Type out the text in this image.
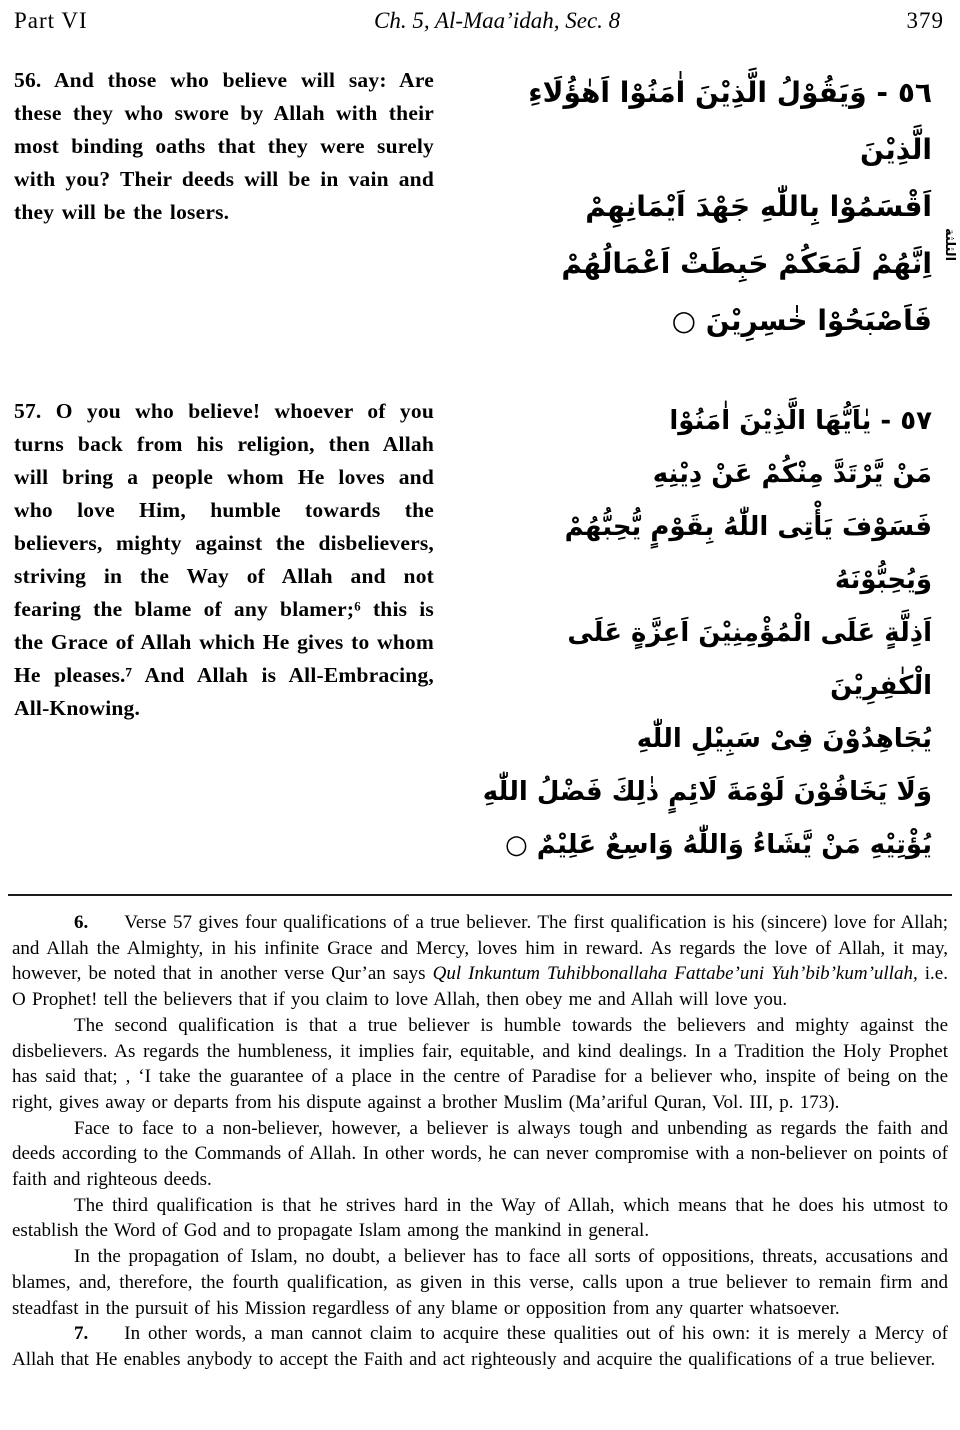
Part VI	Ch. 5, Al-Maa’idah, Sec. 8	379
56. And those who believe will say: Are these they who swore by Allah with their most binding oaths that they were surely with you? Their deeds will be in vain and they will be the losers.
٥٦ - وَيَقُوْلُ الَّذِيْنَ اٰمَنُوْا اَهٰؤُلَاءِ الَّذِيْنَ
اَقْسَمُوْا بِاللّٰهِ جَهْدَ اَيْمَانِهِمْ
اِنَّهُمْ لَمَعَكُمْ حَبِطَتْ اَعْمَالُهُمْ
فَاَصْبَحُوْا خٰسِرِيْنَ ○
57. O you who believe! whoever of you turns back from his religion, then Allah will bring a people whom He loves and who love Him, humble towards the believers, mighty against the disbelievers, striving in the Way of Allah and not fearing the blame of any blamer;⁶ this is the Grace of Allah which He gives to whom He pleases.⁷ And Allah is All-Embracing, All-Knowing.
٥٧ - يٰاَيُّهَا الَّذِيْنَ اٰمَنُوْا
مَنْ يَّرْتَدَّ مِنْكُمْ عَنْ دِيْنِهِ
فَسَوْفَ يَأْتِى اللّٰهُ بِقَوْمٍ يُّحِبُّهُمْ وَيُحِبُّوْنَهُ
اَذِلَّةٍ عَلَى الْمُؤْمِنِيْنَ اَعِزَّةٍ عَلَى الْكٰفِرِيْنَ
يُجَاهِدُوْنَ فِىْ سَبِيْلِ اللّٰهِ
وَلَا يَخَافُوْنَ لَوْمَةَ لَائِمٍ ذٰلِكَ فَضْلُ اللّٰهِ
يُؤْتِيْهِ مَنْ يَّشَاءُ وَاللّٰهُ وَاسِعٌ عَلِيْمٌ ○
الثلثة

6. Verse 57 gives four qualifications of a true believer. The first qualification is his (sincere) love for Allah; and Allah the Almighty, in his infinite Grace and Mercy, loves him in reward. As regards the love of Allah, it may, however, be noted that in another verse Qur’an says Qul Inkuntum Tuhibbonallaha Fattabe’uni Yuh’bib’kum’ullah, i.e. O Prophet! tell the believers that if you claim to love Allah, then obey me and Allah will love you.

The second qualification is that a true believer is humble towards the believers and mighty against the disbelievers. As regards the humbleness, it implies fair, equitable, and kind dealings. In a Tradition the Holy Prophet has said that; , ‘I take the guarantee of a place in the centre of Paradise for a believer who, inspite of being on the right, gives away or departs from his dispute against a brother Muslim (Ma’ariful Quran, Vol. III, p. 173).

Face to face to a non-believer, however, a believer is always tough and unbending as regards the faith and deeds according to the Commands of Allah. In other words, he can never compromise with a non-believer on points of faith and righteous deeds.

The third qualification is that he strives hard in the Way of Allah, which means that he does his utmost to establish the Word of God and to propagate Islam among the mankind in general.

In the propagation of Islam, no doubt, a believer has to face all sorts of oppositions, threats, accusations and blames, and, therefore, the fourth qualification, as given in this verse, calls upon a true believer to remain firm and steadfast in the pursuit of his Mission regardless of any blame or opposition from any quarter whatsoever.

7. In other words, a man cannot claim to acquire these qualities out of his own: it is merely a Mercy of Allah that He enables anybody to accept the Faith and act righteously and acquire the qualifications of a true believer.
